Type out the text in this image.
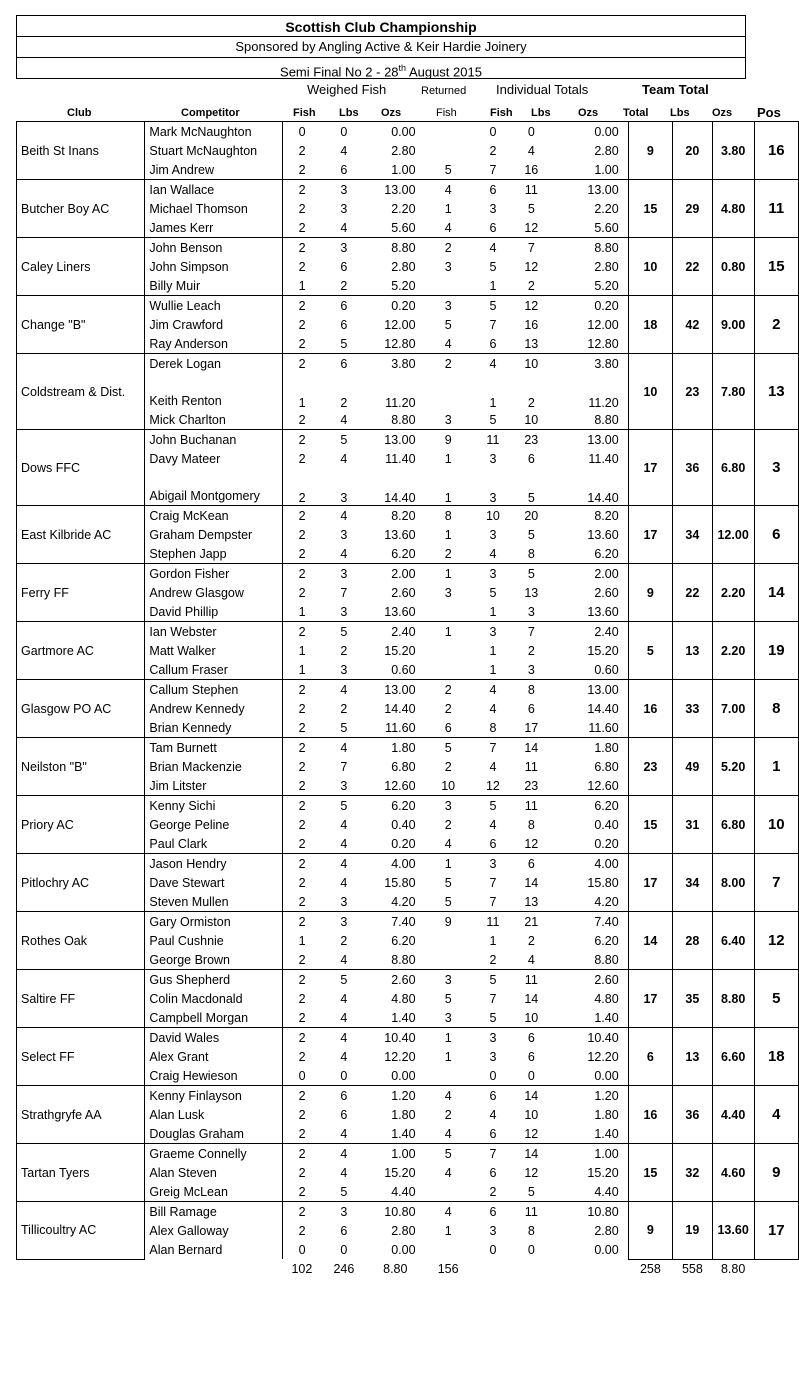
Scottish Club Championship
Sponsored by Angling Active & Keir Hardie Joinery
Semi Final No 2 - 28th August 2015
Weighed Fish	Returned Individual Totals	Team Total
Club	Competitor	Fish Lbs Ozs	Fish	Fish Lbs Ozs Total Lbs Ozs Pos
Beith St Inans	Mark McNaughton	0	0	0.00		0	0	0.00	9	20	3.80	16
	Stuart McNaughton	2	4	2.80		2	4	2.80				
	Jim Andrew	2	6	1.00	5	7	16	1.00				
Butcher Boy AC	Ian Wallace	2	3	13.00	4	6	11	13.00	15	29	4.80	11
	Michael Thomson	2	3	2.20	1	3	5	2.20				
	James Kerr	2	4	5.60	4	6	12	5.60				
Caley Liners	John Benson	2	3	8.80	2	4	7	8.80	10	22	0.80	15
	John Simpson	2	6	2.80	3	5	12	2.80				
	Billy Muir	1	2	5.20		1	2	5.20				
Change "B"	Wullie Leach	2	6	0.20	3	5	12	0.20	18	42	9.00	2
	Jim Crawford	2	6	12.00	5	7	16	12.00				
	Ray Anderson	2	5	12.80	4	6	13	12.80				
Coldstream & Dist.	Derek Logan	2	6	3.80	2	4	10	3.80	10	23	7.80	13
	Keith Renton	1	2	11.20		1	2	11.20				
	Mick Charlton	2	4	8.80	3	5	10	8.80				
Dows FFC	John Buchanan	2	5	13.00	9	11	23	13.00	17	36	6.80	3
	Davy Mateer	2	4	11.40	1	3	6	11.40				
	Abigail Montgomery	2	3	14.40	1	3	5	14.40				
East Kilbride AC	Craig McKean	2	4	8.20	8	10	20	8.20	17	34	12.00	6
	Graham Dempster	2	3	13.60	1	3	5	13.60				
	Stephen Japp	2	4	6.20	2	4	8	6.20				
Ferry FF	Gordon Fisher	2	3	2.00	1	3	5	2.00	9	22	2.20	14
	Andrew Glasgow	2	7	2.60	3	5	13	2.60				
	David Phillip	1	3	13.60		1	3	13.60				
Gartmore AC	Ian Webster	2	5	2.40	1	3	7	2.40	5	13	2.20	19
	Matt Walker	1	2	15.20		1	2	15.20				
	Callum Fraser	1	3	0.60		1	3	0.60				
Glasgow PO AC	Callum Stephen	2	4	13.00	2	4	8	13.00	16	33	7.00	8
	Andrew Kennedy	2	2	14.40	2	4	6	14.40				
	Brian Kennedy	2	5	11.60	6	8	17	11.60				
Neilston "B"	Tam Burnett	2	4	1.80	5	7	14	1.80	23	49	5.20	1
	Brian Mackenzie	2	7	6.80	2	4	11	6.80				
	Jim Litster	2	3	12.60	10	12	23	12.60				
Priory AC	Kenny Sichi	2	5	6.20	3	5	11	6.20	15	31	6.80	10
	George Peline	2	4	0.40	2	4	8	0.40				
	Paul Clark	2	4	0.20	4	6	12	0.20				
Pitlochry AC	Jason Hendry	2	4	4.00	1	3	6	4.00	17	34	8.00	7
	Dave Stewart	2	4	15.80	5	7	14	15.80				
	Steven Mullen	2	3	4.20	5	7	13	4.20				
Rothes Oak	Gary Ormiston	2	3	7.40	9	11	21	7.40	14	28	6.40	12
	Paul Cushnie	1	2	6.20		1	2	6.20				
	George Brown	2	4	8.80		2	4	8.80				
Saltire FF	Gus Shepherd	2	5	2.60	3	5	11	2.60	17	35	8.80	5
	Colin Macdonald	2	4	4.80	5	7	14	4.80				
	Campbell Morgan	2	4	1.40	3	5	10	1.40				
Select FF	David Wales	2	4	10.40	1	3	6	10.40	6	13	6.60	18
	Alex Grant	2	4	12.20	1	3	6	12.20				
	Craig Hewieson	0	0	0.00		0	0	0.00				
Strathgryfe AA	Kenny Finlayson	2	6	1.20	4	6	14	1.20	16	36	4.40	4
	Alan Lusk	2	6	1.80	2	4	10	1.80				
	Douglas Graham	2	4	1.40	4	6	12	1.40				
Tartan Tyers	Graeme Connelly	2	4	1.00	5	7	14	1.00	15	32	4.60	9
	Alan Steven	2	4	15.20	4	6	12	15.20				
	Greig McLean	2	5	4.40		2	5	4.40				
Tillicoultry AC	Bill Ramage	2	3	10.80	4	6	11	10.80	9	19	13.60	17
	Alex Galloway	2	6	2.80	1	3	8	2.80				
	Alan Bernard	0	0	0.00		0	0	0.00				
		102	246	8.80	156				258	558	8.80	
